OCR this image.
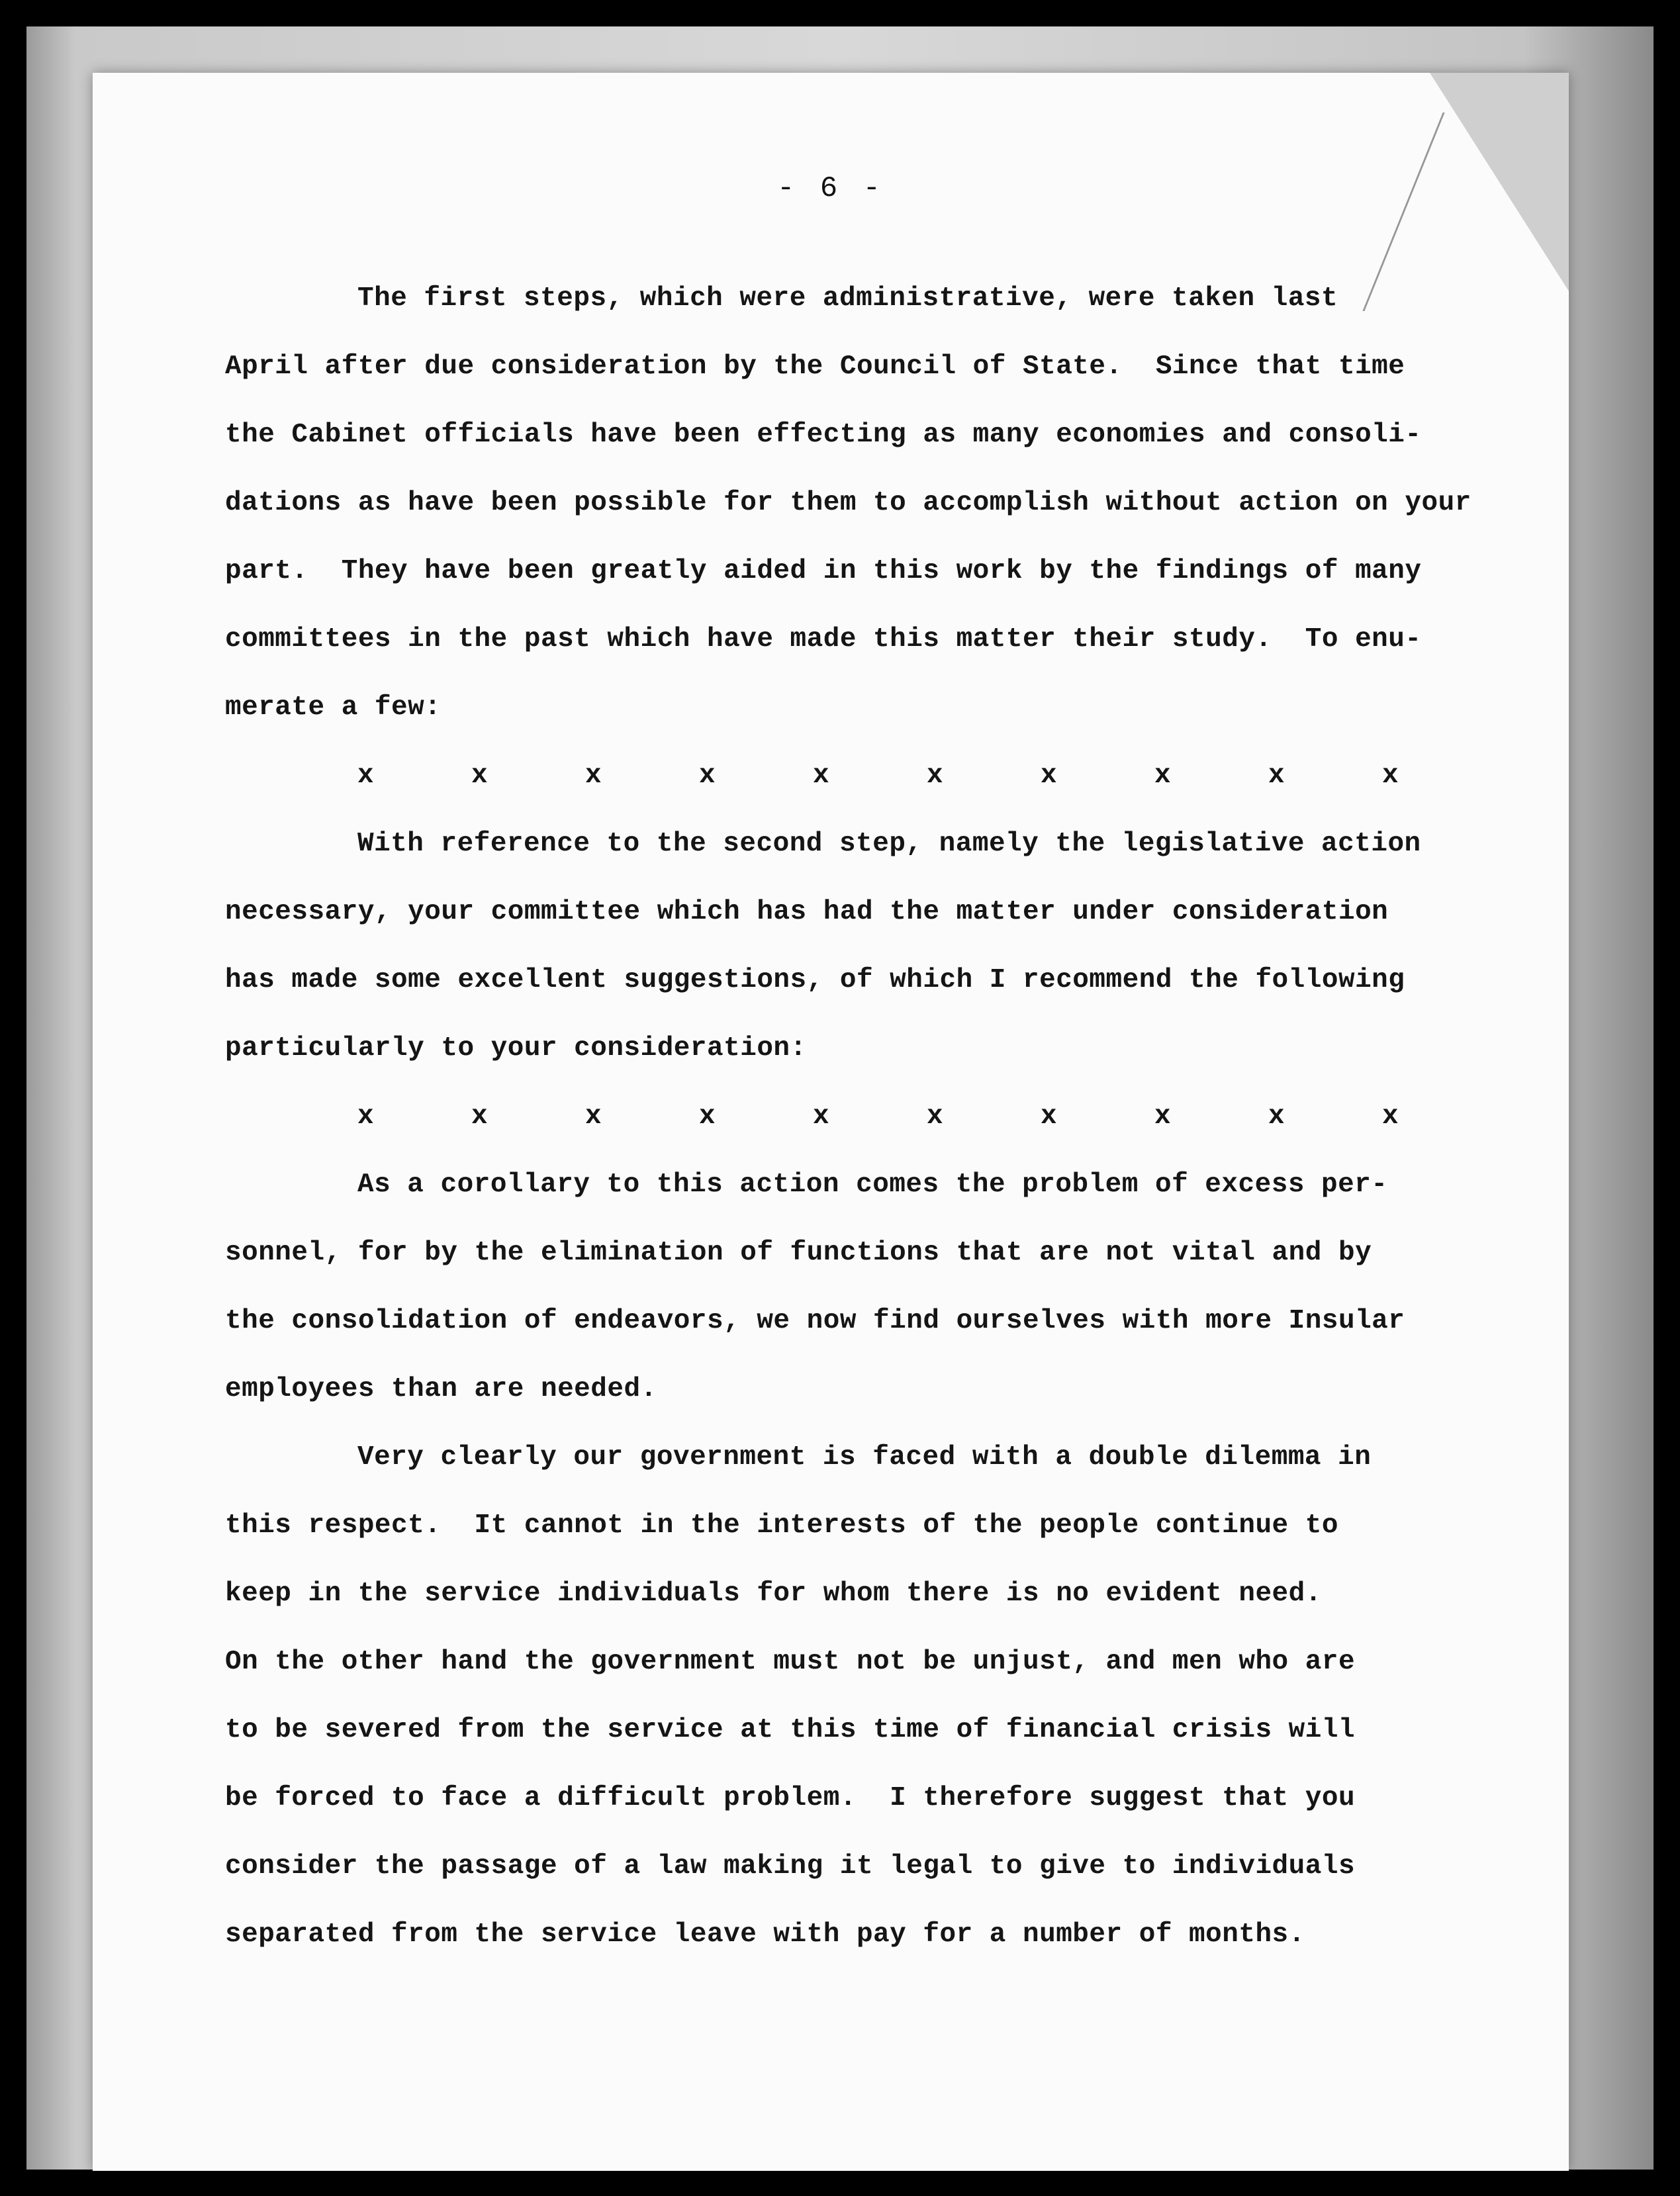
- 6 -
The first steps, which were administrative, were taken last
April after due consideration by the Council of State.  Since that time
the Cabinet officials have been effecting as many economies and consoli-
dations as have been possible for them to accomplish without action on your
part.  They have been greatly aided in this work by the findings of many
committees in the past which have made this matter their study.  To enu-
merate a few:
x	x	x	x	x	x	x	x	x	x
With reference to the second step, namely the legislative action
necessary, your committee which has had the matter under consideration
has made some excellent suggestions, of which I recommend the following
particularly to your consideration:
x	x	x	x	x	x	x	x	x	x
As a corollary to this action comes the problem of excess per-
sonnel, for by the elimination of functions that are not vital and by
the consolidation of endeavors, we now find ourselves with more Insular
employees than are needed.
Very clearly our government is faced with a double dilemma in
this respect.  It cannot in the interests of the people continue to
keep in the service individuals for whom there is no evident need.
On the other hand the government must not be unjust, and men who are
to be severed from the service at this time of financial crisis will
be forced to face a difficult problem.  I therefore suggest that you
consider the passage of a law making it legal to give to individuals
separated from the service leave with pay for a number of months.
